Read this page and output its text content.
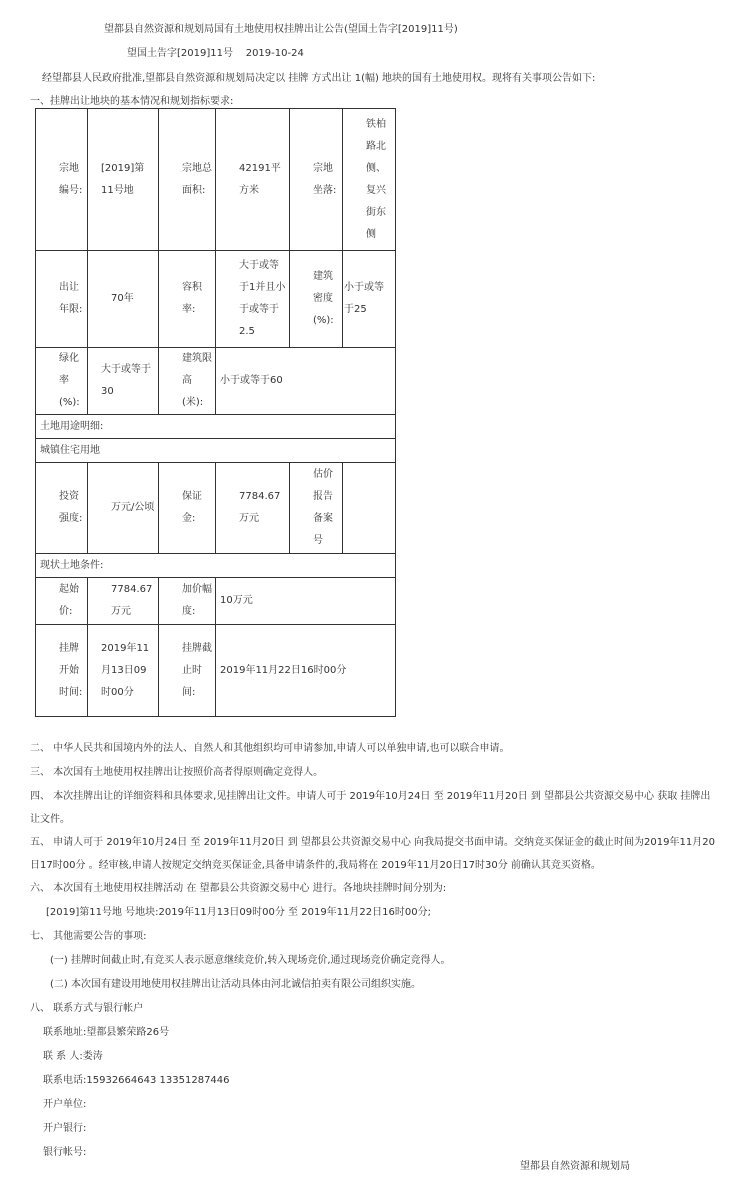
望都县自然资源和规划局国有土地使用权挂牌出让公告(望国土告字[2019]11号)
望国土告字[2019]11号 2019-10-24
经望都县人民政府批准,望都县自然资源和规划局决定以 挂牌 方式出让 1(幅) 地块的国有土地使用权。现将有关事项公告如下:
一、挂牌出让地块的基本情况和规划指标要求:
宗地编号:	[2019]第11号地	宗地总面积:	42191平方米	宗地坐落:	铁柏路北侧、复兴街东侧
出让年限:	70年	容积率:	大于或等于1并且小于或等于2.5	建筑密度(%):	小于或等于25
绿化率(%):	大于或等于30	建筑限高(米):	小于或等于60		
土地用途明细:					
城镇住宅用地					
投资强度:	万元/公顷	保证金:	7784.67万元	估价报告备案号	
现状土地条件:					
起始价:	7784.67万元	加价幅度:	10万元		
挂牌开始时间:	2019年11月13日09时00分	挂牌截止时间:	2019年11月22日16时00分		
二、 中华人民共和国境内外的法人、自然人和其他组织均可申请参加,申请人可以单独申请,也可以联合申请。
三、 本次国有土地使用权挂牌出让按照价高者得原则确定竞得人。
四、 本次挂牌出让的详细资料和具体要求,见挂牌出让文件。申请人可于 2019年10月24日 至 2019年11月20日 到 望都县公共资源交易中心 获取 挂牌出让文件。
五、 申请人可于 2019年10月24日 至 2019年11月20日 到 望都县公共资源交易中心 向我局提交书面申请。交纳竞买保证金的截止时间为2019年11月20日17时00分 。经审核,申请人按规定交纳竞买保证金,具备申请条件的,我局将在 2019年11月20日17时30分 前确认其竞买资格。
六、 本次国有土地使用权挂牌活动 在 望都县公共资源交易中心 进行。各地块挂牌时间分别为:
[2019]第11号地 号地块:2019年11月13日09时00分 至 2019年11月22日16时00分;
七、 其他需要公告的事项:
(一) 挂牌时间截止时,有竞买人表示愿意继续竞价,转入现场竞价,通过现场竞价确定竞得人。
(二) 本次国有建设用地使用权挂牌出让活动具体由河北诚信拍卖有限公司组织实施。
八、 联系方式与银行帐户
联系地址:望都县繁荣路26号
联 系 人:娄涛
联系电话:15932664643 13351287446
开户单位:
开户银行:
银行帐号:
望都县自然资源和规划局
